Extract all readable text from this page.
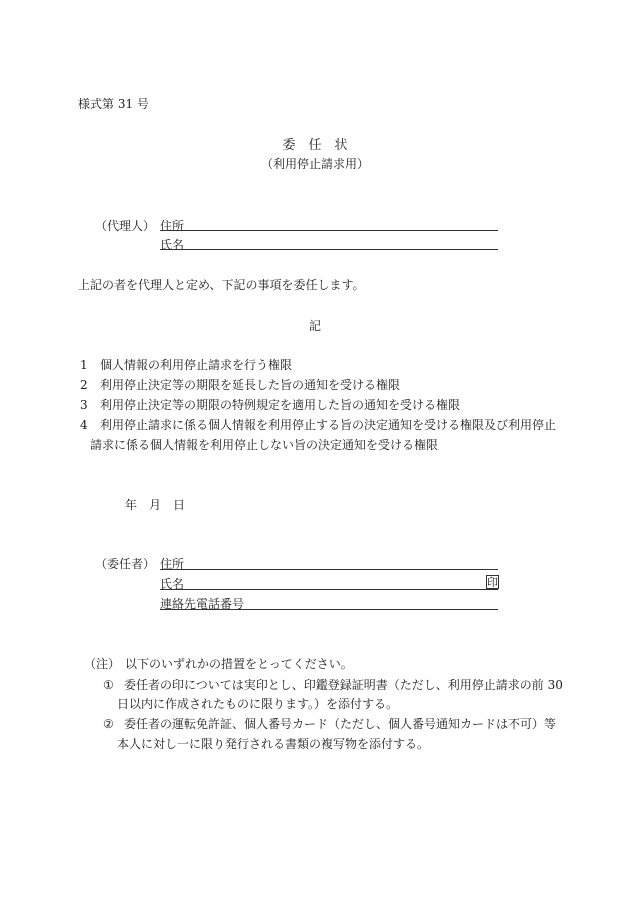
様式第 31 号
委　任　状
（利用停止請求用）
（代理人） 住所
氏名
上記の者を代理人と定め、下記の事項を委任します。
記
1 個人情報の利用停止請求を行う権限
2 利用停止決定等の期限を延長した旨の通知を受ける権限
3 利用停止決定等の期限の特例規定を適用した旨の通知を受ける権限
4 利用停止請求に係る個人情報を利用停止する旨の決定通知を受ける権限及び利用停止
請求に係る個人情報を利用停止しない旨の決定通知を受ける権限
年　月　日
（委任者） 住所
氏名	印
連絡先電話番号
（注） 以下のいずれかの措置をとってください。
① 委任者の印については実印とし、印鑑登録証明書（ただし、利用停止請求の前 30
日以内に作成されたものに限ります。）を添付する。
② 委任者の運転免許証、個人番号カード（ただし、個人番号通知カードは不可）等
本人に対し一に限り発行される書類の複写物を添付する。
